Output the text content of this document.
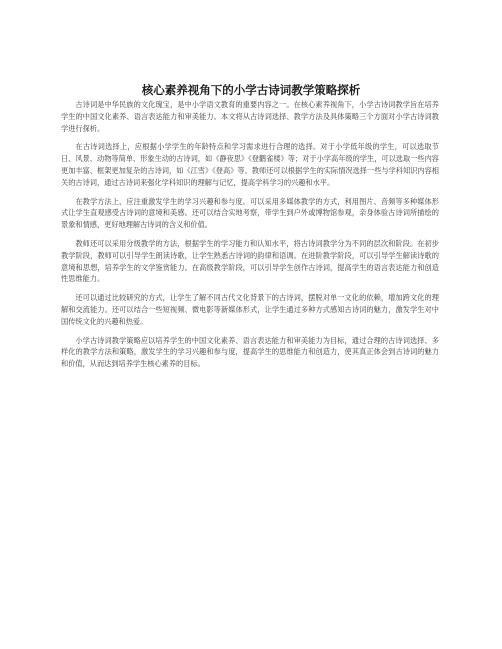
核心素养视角下的小学古诗词教学策略探析

古诗词是中华民族的文化瑰宝，是中小学语文教育的重要内容之一。在核心素养视角下，小学古诗词教学旨在培养学生的中国文化素养、语言表达能力和审美能力。本文将从古诗词选择、教学方法及具体策略三个方面对小学古诗词教学进行探析。

在古诗词选择上，应根据小学学生的年龄特点和学习需求进行合理的选择。对于小学低年级的学生，可以选取节日、风景、动物等简单、形象生动的古诗词，如《静夜思》《登鹳雀楼》等；对于小学高年级的学生，可以选取一些内容更加丰富、框架更加复杂的古诗词，如《江雪》《登高》等。教师还可以根据学生的实际情况选择一些与学科知识内容相关的古诗词，通过古诗词来强化学科知识的理解与记忆，提高学科学习的兴趣和水平。

在教学方法上，应注重激发学生的学习兴趣和参与度。可以采用多媒体教学的方式，利用图片、音频等多种媒体形式让学生直观感受古诗词的意境和美感。还可以结合实地考察，带学生到户外或博物馆参观，亲身体验古诗词所描绘的景象和情感，更好地理解古诗词的含义和价值。

教师还可以采用分级教学的方法，根据学生的学习能力和认知水平，将古诗词教学分为不同的层次和阶段。在初步教学阶段，教师可以引导学生朗读诗歌，让学生熟悉古诗词的韵律和语调。在进阶教学阶段，可以引导学生解读诗歌的意境和思想，培养学生的文学鉴赏能力。在高级教学阶段，可以引导学生创作古诗词，提高学生的语言表达能力和创造性思维能力。

还可以通过比较研究的方式，让学生了解不同古代文化背景下的古诗词，摆脱对单一文化的依赖，增加跨文化的理解和交流能力。还可以结合一些短视频、微电影等新媒体形式，让学生通过多种方式感知古诗词的魅力，激发学生对中国传统文化的兴趣和热爱。

小学古诗词教学策略应以培养学生的中国文化素养、语言表达能力和审美能力为目标，通过合理的古诗词选择、多样化的教学方法和策略，激发学生的学习兴趣和参与度，提高学生的思维能力和创造力，使其真正体会到古诗词的魅力和价值，从而达到培养学生核心素养的目标。
